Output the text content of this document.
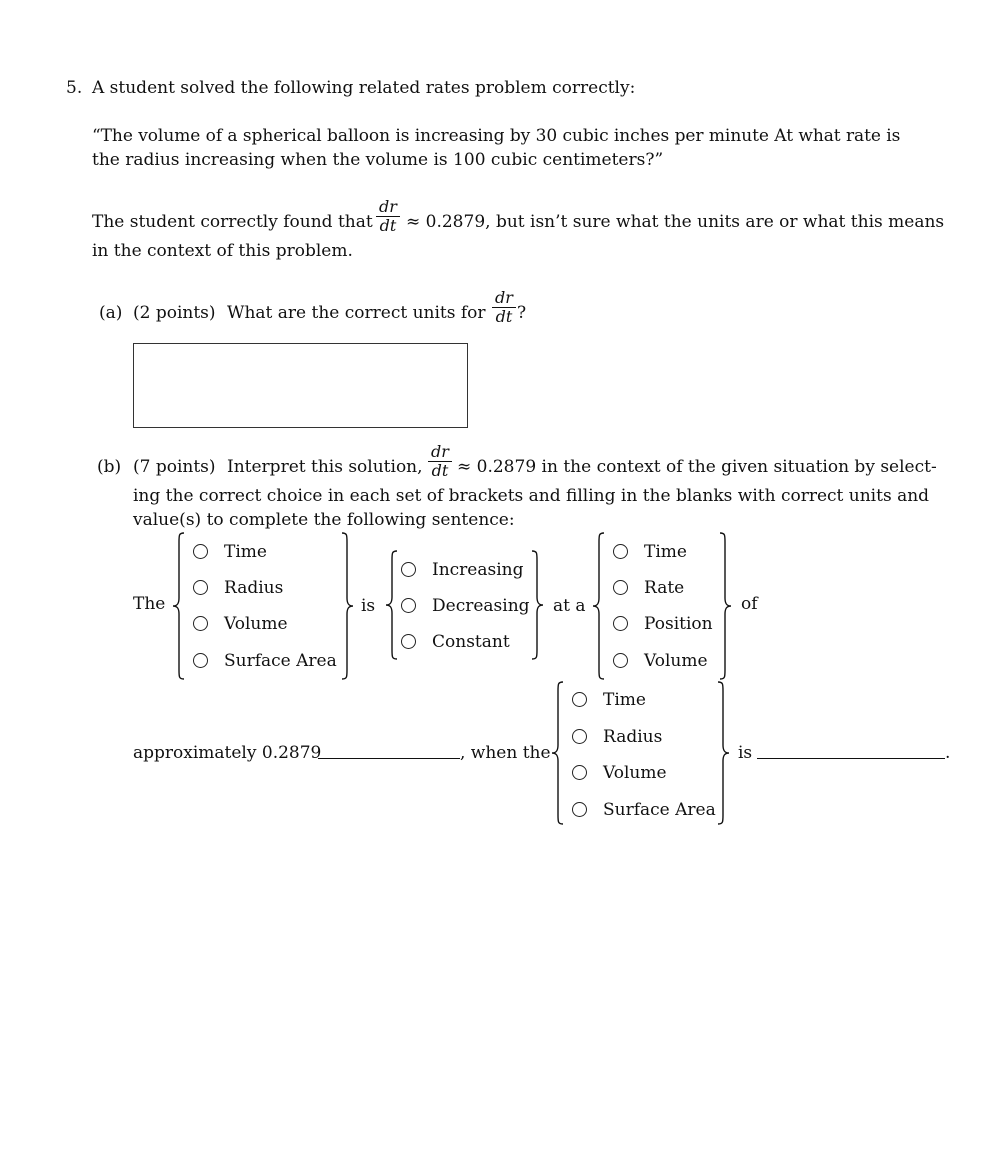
5. A student solved the following related rates problem correctly:
“The volume of a spherical balloon is increasing by 30 cubic inches per minute At what rate is
the radius increasing when the volume is 100 cubic centimeters?”
The student correctly found that
dr
dt ≈ 0.2879, but isn’t sure what the units are or what this means
in the context of this problem.
(a) (2 points) What are the correct units for
dr
dt ?
(b) (7 points) Interpret this solution,
dr
dt ≈ 0.2879 in the context of the given situation by select-
ing the correct choice in each set of brackets and filling in the blanks with correct units and
value(s) to complete the following sentence:
The
Time
Radius
Volume
Surface Area
is
Increasing
Decreasing
Constant
at a
Time
Rate
Position
Volume
of
approximately 0.2879	, when the
Time
Radius
Volume
Surface Area
is	.
